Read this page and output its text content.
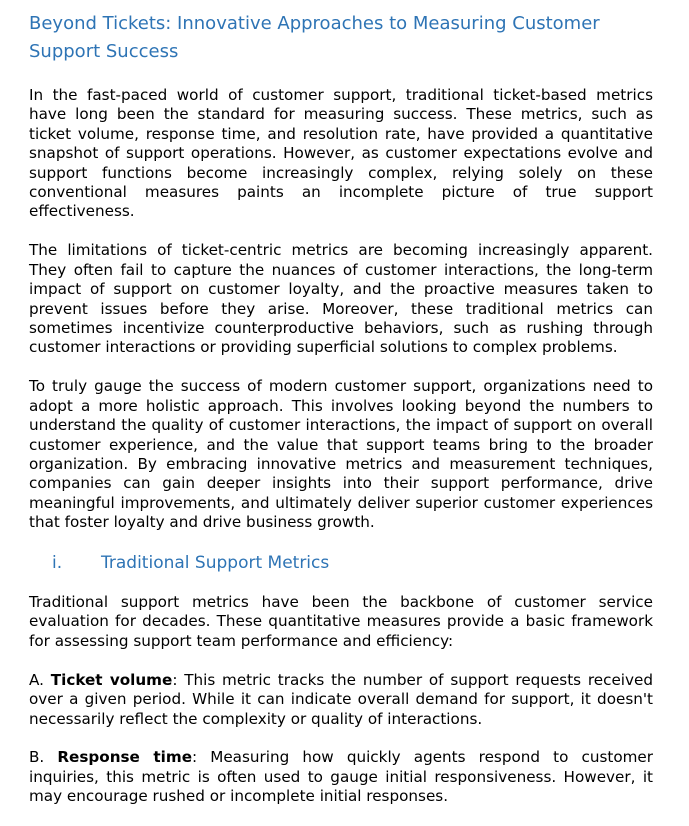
Beyond Tickets: Innovative Approaches to Measuring Customer Support Success

In the fast-paced world of customer support, traditional ticket-based metrics have long been the standard for measuring success. These metrics, such as ticket volume, response time, and resolution rate, have provided a quantitative snapshot of support operations. However, as customer expectations evolve and support functions become increasingly complex, relying solely on these conventional measures paints an incomplete picture of true support effectiveness.

The limitations of ticket-centric metrics are becoming increasingly apparent. They often fail to capture the nuances of customer interactions, the long-term impact of support on customer loyalty, and the proactive measures taken to prevent issues before they arise. Moreover, these traditional metrics can sometimes incentivize counterproductive behaviors, such as rushing through customer interactions or providing superficial solutions to complex problems.

To truly gauge the success of modern customer support, organizations need to adopt a more holistic approach. This involves looking beyond the numbers to understand the quality of customer interactions, the impact of support on overall customer experience, and the value that support teams bring to the broader organization. By embracing innovative metrics and measurement techniques, companies can gain deeper insights into their support performance, drive meaningful improvements, and ultimately deliver superior customer experiences that foster loyalty and drive business growth.

i.	Traditional Support Metrics

Traditional support metrics have been the backbone of customer service evaluation for decades. These quantitative measures provide a basic framework for assessing support team performance and efficiency:

A. Ticket volume: This metric tracks the number of support requests received over a given period. While it can indicate overall demand for support, it doesn't necessarily reflect the complexity or quality of interactions.

B. Response time: Measuring how quickly agents respond to customer inquiries, this metric is often used to gauge initial responsiveness. However, it may encourage rushed or incomplete initial responses.
